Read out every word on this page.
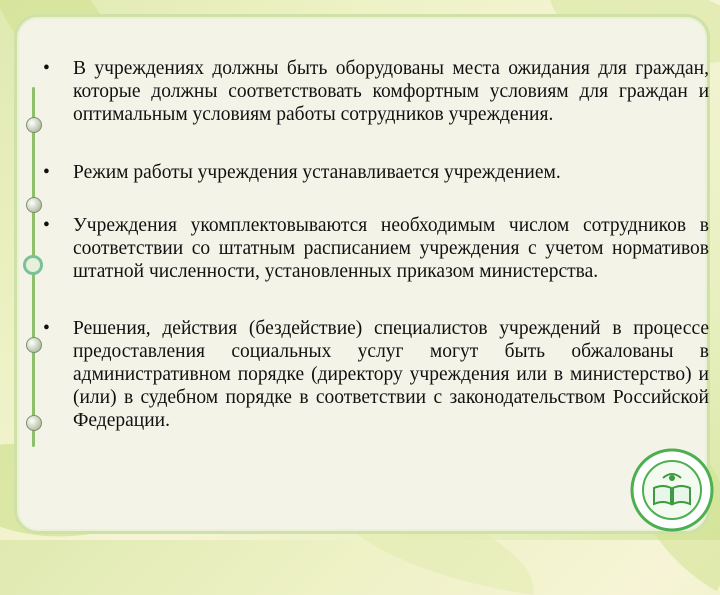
•	В учреждениях должны быть оборудованы места ожидания для граждан, которые должны соответствовать комфортным условиям для граждан и оптимальным условиям работы сотрудников учреждения.
•	Режим работы учреждения устанавливается учреждением.
•	Учреждения укомплектовываются необходимым числом сотрудников в соответствии со штатным расписанием учреждения с учетом нормативов штатной численности, установленных приказом министерства.
•	Решения, действия (бездействие) специалистов учреждений в процессе предоставления социальных услуг могут быть обжалованы в административном порядке (директору учреждения или в министерство) и (или) в судебном порядке в соответствии с законодательством Российской Федерации.
